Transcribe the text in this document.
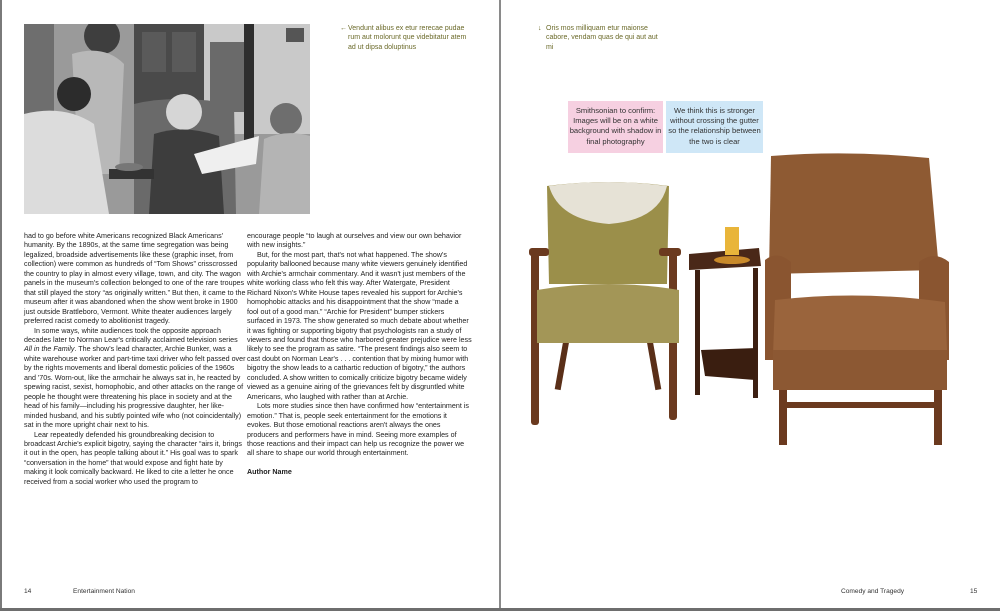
← Vendunt alibus ex etur rerecae pudae rum aut molorunt que videbitatur atem ad ut dipsa doluptinus

had to go before white Americans recognized Black Americans' humanity. By the 1890s, at the same time segregation was being legalized, broadside advertisements like these (graphic inset, from collection) were common as hundreds of “Tom Shows” crisscrossed the country to play in almost every village, town, and city. The wagon panels in the museum's collection belonged to one of the rare troupes that still played the story “as originally written.” But then, it came to the museum after it was abandoned when the show went broke in 1900 just outside Brattleboro, Vermont. White theater audiences largely preferred racist comedy to abolitionist tragedy.

In some ways, white audiences took the opposite approach decades later to Norman Lear's critically acclaimed television series All in the Family. The show's lead character, Archie Bunker, was a white warehouse worker and part-time taxi driver who felt passed over by the rights movements and liberal domestic policies of the 1960s and '70s. Worn-out, like the armchair he always sat in, he reacted by spewing racist, sexist, homophobic, and other attacks on the range of people he thought were threatening his place in society and at the head of his family—including his progressive daughter, her like-minded husband, and his subtly pointed wife who (not coincidentally) sat in the more upright chair next to his.

Lear repeatedly defended his groundbreaking decision to broadcast Archie's explicit bigotry, saying the character “airs it, brings it out in the open, has people talking about it.” His goal was to spark “conversation in the home” that would expose and fight hate by making it look comically backward. He liked to cite a letter he once received from a social worker who used the program to

encourage people “to laugh at ourselves and view our own behavior with new insights.”

But, for the most part, that's not what happened. The show's popularity ballooned because many white viewers genuinely identified with Archie's armchair commentary. And it wasn't just members of the white working class who felt this way. After Watergate, President Richard Nixon's White House tapes revealed his support for Archie's homophobic attacks and his disappointment that the show “made a fool out of a good man.” “Archie for President” bumper stickers surfaced in 1973. The show generated so much debate about whether it was fighting or supporting bigotry that psychologists ran a study of viewers and found that those who harbored greater prejudice were less likely to see the program as satire. “The present findings also seem to cast doubt on Norman Lear's . . . contention that by mixing humor with bigotry the show leads to a cathartic reduction of bigotry,” the authors concluded. A show written to comically criticize bigotry became widely viewed as a genuine airing of the grievances felt by disgruntled white Americans, who laughed with rather than at Archie.

Lots more studies since then have confirmed how “entertainment is emotion.” That is, people seek entertainment for the emotions it evokes. But those emotional reactions aren't always the ones producers and performers have in mind. Seeing more examples of those reactions and their impact can help us recognize the power we all share to shape our world through entertainment.

Author Name

14	Entertainment Nation
↓ Oris mos milliquam etur maionse cabore, vendam quas de qui aut aut mi
Smithsonian to confirm: Images will be on a white background with shadow in final photography
We think this is stronger without crossing the gutter so the relationship between the two is clear
Comedy and Tragedy	15
